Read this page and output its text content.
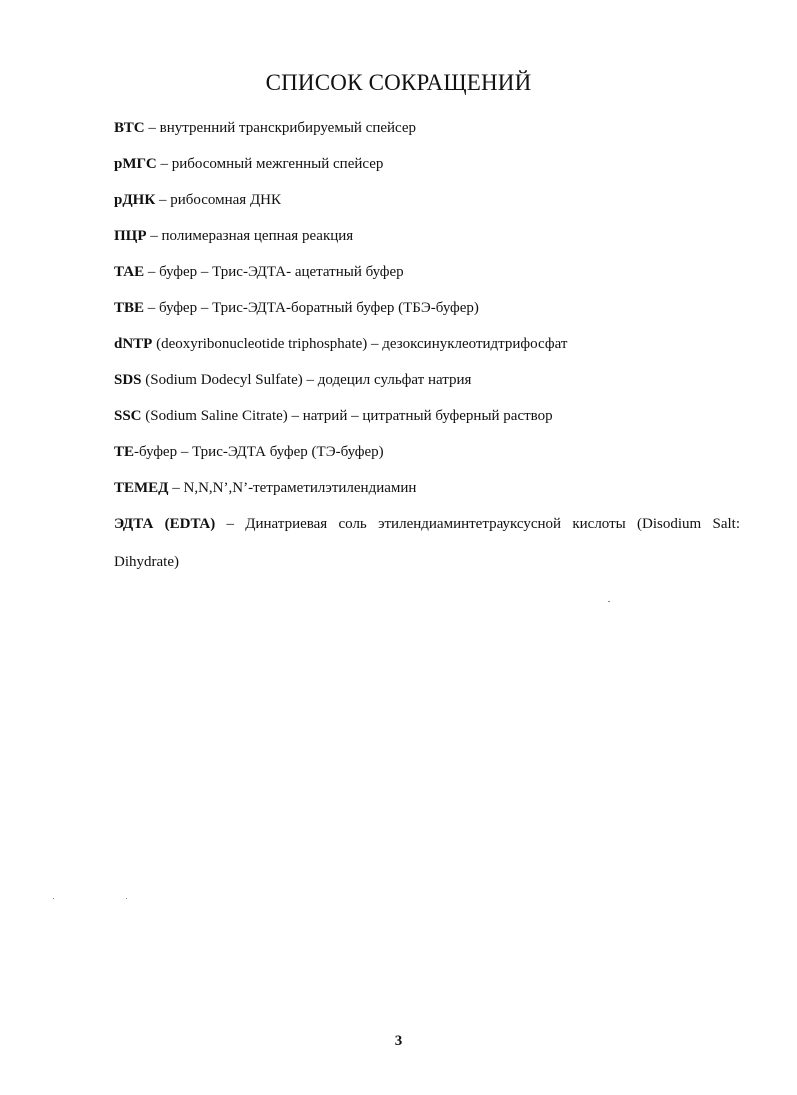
СПИСОК СОКРАЩЕНИЙ
ВТС – внутренний транскрибируемый спейсер
рМГС – рибосомный межгенный спейсер
рДНК – рибосомная ДНК
ПЦР – полимеразная цепная реакция
ТАЕ – буфер – Трис-ЭДТА- ацетатный буфер
ТВЕ – буфер – Трис-ЭДТА-боратный буфер (ТБЭ-буфер)
dNTP (deoxyribonucleotide triphosphate) – дезоксинуклеотидтрифосфат
SDS (Sodium Dodecyl Sulfate) – додецил сульфат натрия
SSC (Sodium Saline Citrate) – натрий – цитратный буферный раствор
ТЕ-буфер – Трис-ЭДТА буфер (ТЭ-буфер)
ТЕМЕД – N,N,N’,N’-тетраметилэтилендиамин
ЭДТА (EDTA) – Динатриевая соль этилендиаминтетрауксусной кислоты (Disodium Salt: Dihydrate)
3
